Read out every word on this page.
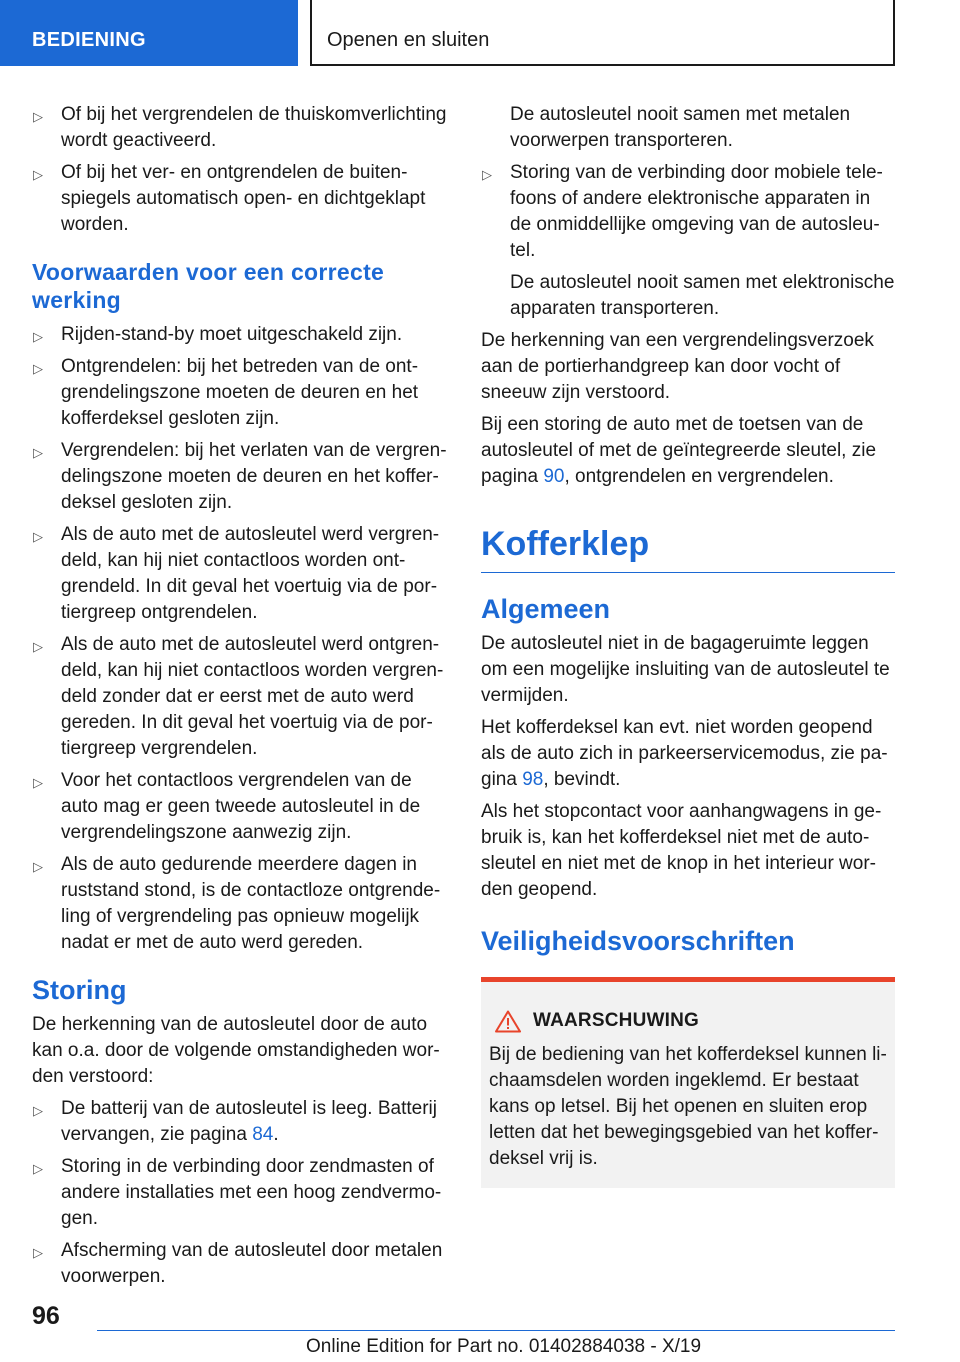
BEDIENING	Openen en sluiten
▷ Of bij het vergrendelen de thuiskomverlichting wordt geactiveerd.
▷ Of bij het ver- en ontgrendelen de buitenspiegels automatisch open- en dichtgeklapt worden.
Voorwaarden voor een correcte werking
▷ Rijden-stand-by moet uitgeschakeld zijn.
▷ Ontgrendelen: bij het betreden van de ontgrendelingszone moeten de deuren en het kofferdeksel gesloten zijn.
▷ Vergrendelen: bij het verlaten van de vergrendelingszone moeten de deuren en het kofferdeksel gesloten zijn.
▷ Als de auto met de autosleutel werd vergrendeld, kan hij niet contactloos worden ontgrendeld. In dit geval het voertuig via de portiergreep ontgrendelen.
▷ Als de auto met de autosleutel werd ontgrendeld, kan hij niet contactloos worden vergrendeld zonder dat er eerst met de auto werd gereden. In dit geval het voertuig via de portiergreep vergrendelen.
▷ Voor het contactloos vergrendelen van de auto mag er geen tweede autosleutel in de vergrendelingszone aanwezig zijn.
▷ Als de auto gedurende meerdere dagen in ruststand stond, is de contactloze ontgrendeling of vergrendeling pas opnieuw mogelijk nadat er met de auto werd gereden.
Storing

De herkenning van de autosleutel door de auto kan o.a. door de volgende omstandigheden worden verstoord:

▷ De batterij van de autosleutel is leeg. Batterij vervangen, zie pagina 84.
▷ Storing in de verbinding door zendmasten of andere installaties met een hoog zendvermogen.
▷ Afscherming van de autosleutel door metalen voorwerpen.
De autosleutel nooit samen met metalen voorwerpen transporteren.
▷ Storing van de verbinding door mobiele telefoons of andere elektronische apparaten in de onmiddellijke omgeving van de autosleutel.

De autosleutel nooit samen met elektronische apparaten transporteren.

De herkenning van een vergrendelingsverzoek aan de portierhandgreep kan door vocht of sneeuw zijn verstoord.

Bij een storing de auto met de toetsen van de autosleutel of met de geïntegreerde sleutel, zie pagina 90, ontgrendelen en vergrendelen.

Kofferklep
Algemeen

De autosleutel niet in de bagageruimte leggen om een mogelijke insluiting van de autosleutel te vermijden.

Het kofferdeksel kan evt. niet worden geopend als de auto zich in parkeerservicemodus, zie pagina 98, bevindt.

Als het stopcontact voor aanhangwagens in gebruik is, kan het kofferdeksel niet met de autosleutel en niet met de knop in het interieur worden geopend.

Veiligheidsvoorschriften
WAARSCHUWING

Bij de bediening van het kofferdeksel kunnen lichaamsdelen worden ingeklemd. Er bestaat kans op letsel. Bij het openen en sluiten erop letten dat het bewegingsgebied van het kofferdeksel vrij is.

96
Online Edition for Part no. 01402884038 - X/19
